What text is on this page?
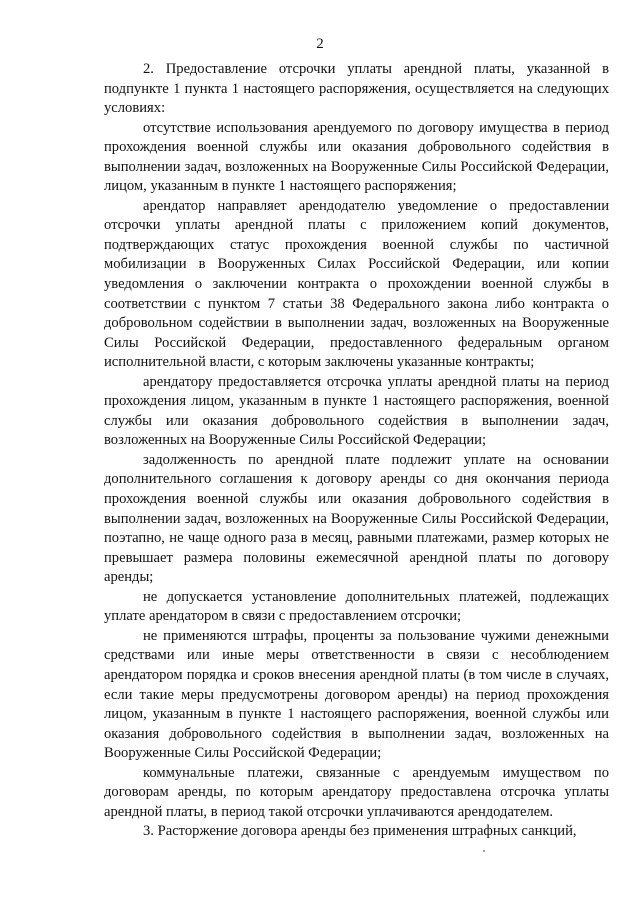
2

2. Предоставление отсрочки уплаты арендной платы, указанной в подпункте 1 пункта 1 настоящего распоряжения, осуществляется на следующих условиях:

отсутствие использования арендуемого по договору имущества в период прохождения военной службы или оказания добровольного содействия в выполнении задач, возложенных на Вооруженные Силы Российской Федерации, лицом, указанным в пункте 1 настоящего распоряжения;

арендатор направляет арендодателю уведомление о предоставлении отсрочки уплаты арендной платы с приложением копий документов, подтверждающих статус прохождения военной службы по частичной мобилизации в Вооруженных Силах Российской Федерации, или копии уведомления о заключении контракта о прохождении военной службы в соответствии с пунктом 7 статьи 38 Федерального закона либо контракта о добровольном содействии в выполнении задач, возложенных на Вооруженные Силы Российской Федерации, предоставленного федеральным органом исполнительной власти, с которым заключены указанные контракты;

арендатору предоставляется отсрочка уплаты арендной платы на период прохождения лицом, указанным в пункте 1 настоящего распоряжения, военной службы или оказания добровольного содействия в выполнении задач, возложенных на Вооруженные Силы Российской Федерации;

задолженность по арендной плате подлежит уплате на основании дополнительного соглашения к договору аренды со дня окончания периода прохождения военной службы или оказания добровольного содействия в выполнении задач, возложенных на Вооруженные Силы Российской Федерации, поэтапно, не чаще одного раза в месяц, равными платежами, размер которых не превышает размера половины ежемесячной арендной платы по договору аренды;

не допускается установление дополнительных платежей, подлежащих уплате арендатором в связи с предоставлением отсрочки;

не применяются штрафы, проценты за пользование чужими денежными средствами или иные меры ответственности в связи с несоблюдением арендатором порядка и сроков внесения арендной платы (в том числе в случаях, если такие меры предусмотрены договором аренды) на период прохождения лицом, указанным в пункте 1 настоящего распоряжения, военной службы или оказания добровольного содействия в выполнении задач, возложенных на Вооруженные Силы Российской Федерации;

коммунальные платежи, связанные с арендуемым имуществом по договорам аренды, по которым арендатору предоставлена отсрочка уплаты арендной платы, в период такой отсрочки уплачиваются арендодателем.

3. Расторжение договора аренды без применения штрафных санкций,
